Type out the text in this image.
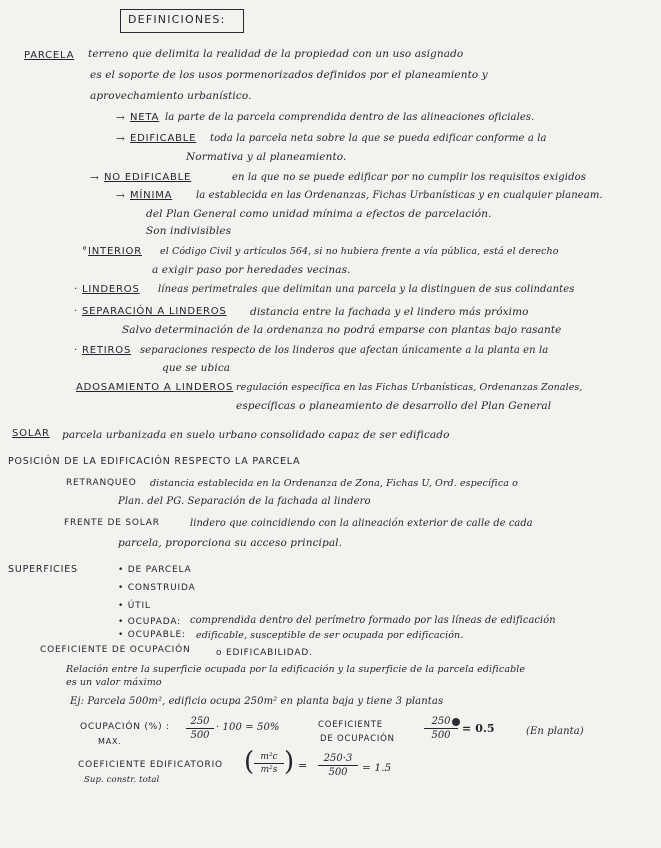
DEFINICIONES:
PARCELA terreno que delimita la realidad de la propiedad con un uso asignado
es el soporte de los usos pormenorizados definidos por el planeamiento y
aprovechamiento urbanístico.
→ NETA la parte de la parcela comprendida dentro de las alineaciones oficiales.
→ EDIFICABLE toda la parcela neta sobre la que se pueda edificar conforme a la
Normativa y al planeamiento.
→ NO EDIFICABLE	en la que no se puede edificar por no cumplir los requisitos exigidos
→ MÍNIMA la establecida en las Ordenanzas, Fichas Urbanísticas y en cualquier planeam.
del Plan General como unidad mínima a efectos de parcelación.
Son indivisibles
° INTERIOR el Código Civil y artículos 564, si no hubiera frente a vía pública, está el derecho
a exigir paso por heredades vecinas.
· LINDEROS líneas perimetrales que delimitan una parcela y la distinguen de sus colindantes
· SEPARACIÓN A LINDEROS distancia entre la fachada y el lindero más próximo
Salvo determinación de la ordenanza no podrá emparse con plantas bajo rasante
· RETIROS separaciones respecto de los linderos que afectan únicamente a la planta en la
que se ubica
ADOSAMIENTO A LINDEROS regulación específica en las Fichas Urbanísticas, Ordenanzas Zonales,
específicas o planeamiento de desarrollo del Plan General
SOLAR parcela urbanizada en suelo urbano consolidado capaz de ser edificado
POSICIÓN DE LA EDIFICACIÓN RESPECTO LA PARCELA
RETRANQUEO distancia establecida en la Ordenanza de Zona, Fichas U, Ord. específica o
Plan. del PG. Separación de la fachada al lindero
FRENTE DE SOLAR	lindero que coincidiendo con la alineación exterior de calle de cada
parcela, proporciona su acceso principal.
SUPERFICIES	• DE PARCELA
• CONSTRUIDA
• ÚTIL
• OCUPADA: comprendida dentro del perímetro formado por las líneas de edificación
• OCUPABLE: edificable, susceptible de ser ocupada por edificación.
COEFICIENTE DE OCUPACIÓN	o EDIFICABILIDAD.
Relación entre la superficie ocupada por la edificación y la superficie de la parcela edificable
es un valor máximo
Ej: Parcela 500m², edificio ocupa 250m² en planta baja y tiene 3 plantas
OCUPACIÓN (%) :
MAX.
250
500
· 100 = 50%	COEFICIENTE
DE OCUPACIÓN
250
500
= 0.5	(En planta)
COEFICIENTE EDIFICATORIO
Sup. constr. total
( m²c
m²s ) =
250·3
500	= 1.5
